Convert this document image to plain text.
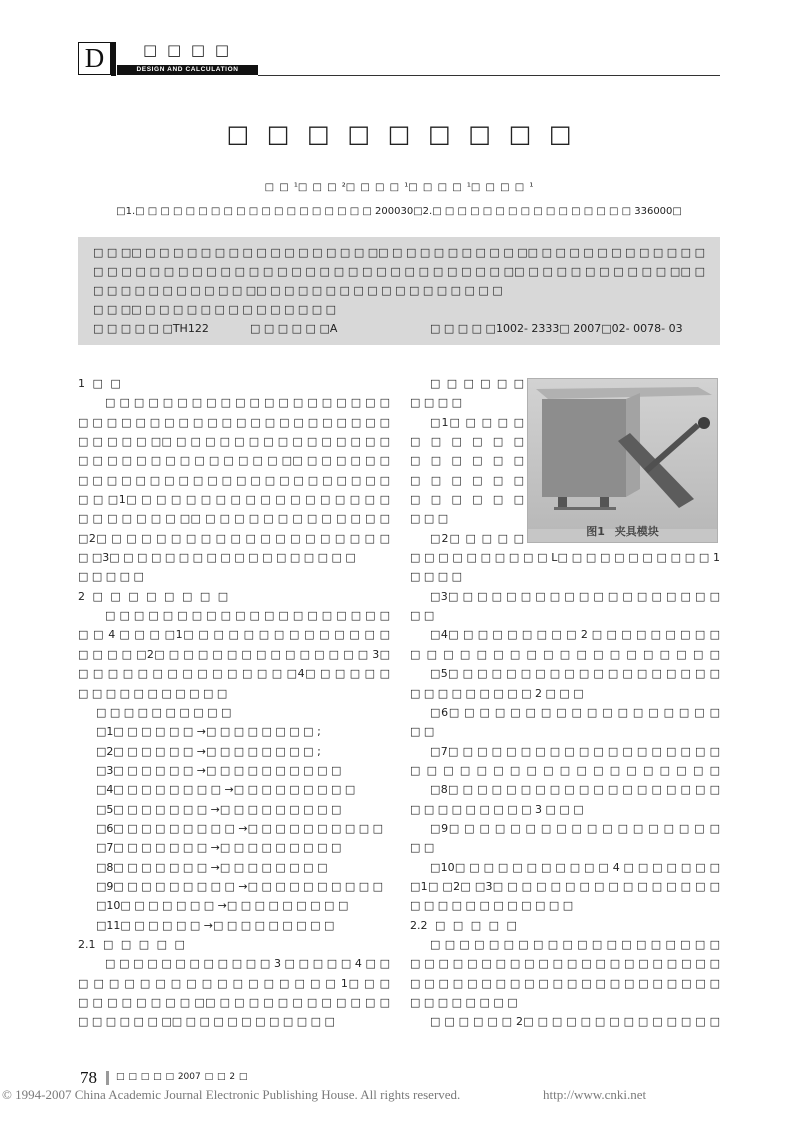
D	□ □ □ □
DESIGN AND CALCULATION
□ □ □ □ □ □ □ □ □
□ □ ¹□ □ □ ²□ □ □ □ ¹□ □ □ □ ¹□ □ □ □ ¹
□1.□ □ □ □ □ □ □ □ □ □ □ □ □ □ □ □ □ □ □ 200030□2.□ □ □ □ □ □ □ □ □ □ □ □ □ □ □ □ 336000□
□ □ □□ □ □ □ □ □ □ □ □ □ □ □ □ □ □ □ □ □□ □ □ □ □ □ □ □ □ □ □□ □ □ □ □ □ □ □ □ □ □ □ □
□ □ □ □ □ □ □ □ □ □ □ □ □ □ □ □ □ □ □ □ □ □ □ □ □ □ □ □ □ □□ □ □ □ □ □ □ □ □ □ □ □□ □
□ □ □ □ □ □ □ □ □ □ □ □□ □ □ □ □ □ □ □ □ □ □ □ □ □ □ □ □ □
□ □ □□ □ □ □ □ □ □ □ □ □ □ □ □ □ □
□ □ □ □ □ □TH122	□ □ □ □ □ □A	□ □ □ □ □1002- 2333□ 2007□02- 0078- 03
1 □ □
□ □ □ □ □ □ □ □ □ □ □ □ □ □ □ □ □ □ □ □
□ □ □ □ □ □ □ □ □ □ □ □ □ □ □ □ □ □ □ □ □ □
□ □ □ □ □ □□ □ □ □ □ □ □ □ □ □ □ □ □ □ □ □
□ □ □ □ □ □ □ □ □ □ □ □ □ □ □□ □ □ □ □ □ □
□ □ □ □ □ □ □ □ □ □ □ □ □ □ □ □ □ □ □ □ □ □
□ □ □1□ □ □ □ □ □ □ □ □ □ □ □ □ □ □ □ □ □
□ □ □ □ □ □ □ □□ □ □ □ □ □ □ □ □ □ □ □ □ □
□2□ □ □ □ □ □ □ □ □ □ □ □ □ □ □ □ □ □ □ □
□ □3□ □ □ □ □ □ □ □ □ □ □ □ □ □ □ □ □ □
□ □ □ □ □
2 □ □ □ □ □ □ □ □
□ □ □ □ □ □ □ □ □ □ □ □ □ □ □ □ □ □ □ □
□ □ 4 □ □ □ □1□ □ □ □ □ □ □ □ □ □ □ □ □ □
□ □ □ □ □2□ □ □ □ □ □ □ □ □ □ □ □ □ □ □ 3□
□ □ □ □ □ □ □ □ □ □ □ □ □ □ □4□ □ □ □ □ □
□ □ □ □ □ □ □ □ □ □ □
□ □ □ □ □ □ □ □ □ □
□1□ □ □ □ □ □ →□ □ □ □ □ □ □ □ ;
□2□ □ □ □ □ □ →□ □ □ □ □ □ □ □ ;
□3□ □ □ □ □ □ →□ □ □ □ □ □ □ □ □ □
□4□ □ □ □ □ □ □ □ →□ □ □ □ □ □ □ □ □
□5□ □ □ □ □ □ □ →□ □ □ □ □ □ □ □ □
□6□ □ □ □ □ □ □ □ □ →□ □ □ □ □ □ □ □ □ □
□7□ □ □ □ □ □ □ →□ □ □ □ □ □ □ □ □
□8□ □ □ □ □ □ □ →□ □ □ □ □ □ □ □
□9□ □ □ □ □ □ □ □ □ →□ □ □ □ □ □ □ □ □ □
□10□ □ □ □ □ □ □ →□ □ □ □ □ □ □ □ □
□11□ □ □ □ □ □ →□ □ □ □ □ □ □ □ □
2.1 □ □ □ □ □
□ □ □ □ □ □ □ □ □ □ □ □ 3 □ □ □ □ □ 4 □ □
□ □ □ □ □ □ □ □ □ □ □ □ □ □ □ □ □ 1□ □ □
□ □ □ □ □ □ □ □ □□ □ □ □ □ □ □ □ □ □ □ □ □
□ □ □ □ □ □ □□ □ □ □ □ □ □ □ □ □ □ □
□ □ □ □ □ □
□ □ □ □
□1□ □ □ □ □
□ □ □ □ □ □
□ □ □ □ □ □
□ □ □ □ □ □
□ □ □ □ □ □
□ □ □
□2□ □ □ □ □
□ □ □ □ □ □ □ □ □ □ L□ □ □ □ □ □ □ □ □ □ □ 1
□ □ □ □
□3□ □ □ □ □ □ □ □ □ □ □ □ □ □ □ □ □ □ □
□ □
□4□ □ □ □ □ □ □ □ □ 2 □ □ □ □ □ □ □ □ □
□ □ □ □ □ □ □ □ □ □ □ □ □ □ □ □ □ □ □
□5□ □ □ □ □ □ □ □ □ □ □ □ □ □ □ □ □ □ □
□ □ □ □ □ □ □ □ □ 2 □ □ □
□6□ □ □ □ □ □ □ □ □ □ □ □ □ □ □ □ □ □
□ □
□7□ □ □ □ □ □ □ □ □ □ □ □ □ □ □ □ □ □ □
□ □ □ □ □ □ □ □ □ □ □ □ □ □ □ □ □ □ □
□8□ □ □ □ □ □ □ □ □ □ □ □ □ □ □ □ □ □ □
□ □ □ □ □ □ □ □ □ 3 □ □ □
□9□ □ □ □ □ □ □ □ □ □ □ □ □ □ □ □ □ □
□ □
□10□ □ □ □ □ □ □ □ □ □ □ 4 □ □ □ □ □ □ □
□1□ □2□ □3□ □ □ □ □ □ □ □ □ □ □ □ □ □ □ □
□ □ □ □ □ □ □ □ □ □ □ □
2.2 □ □ □ □ □
□ □ □ □ □ □ □ □ □ □ □ □ □ □ □ □ □ □ □ □
□ □ □ □ □ □ □ □ □ □ □ □ □ □ □ □ □ □ □ □ □ □
□ □ □ □ □ □ □ □ □ □ □ □ □ □ □ □ □ □ □ □ □ □
□ □ □ □ □ □ □ □
□ □ □ □ □ □ 2□ □ □ □ □ □ □ □ □ □ □ □ □ □
图1 夹具模块
78 □ □ □ □ □ 2007 □ □ 2 □
© 1994-2007 China Academic Journal Electronic Publishing House. All rights reserved.	http://www.cnki.net
